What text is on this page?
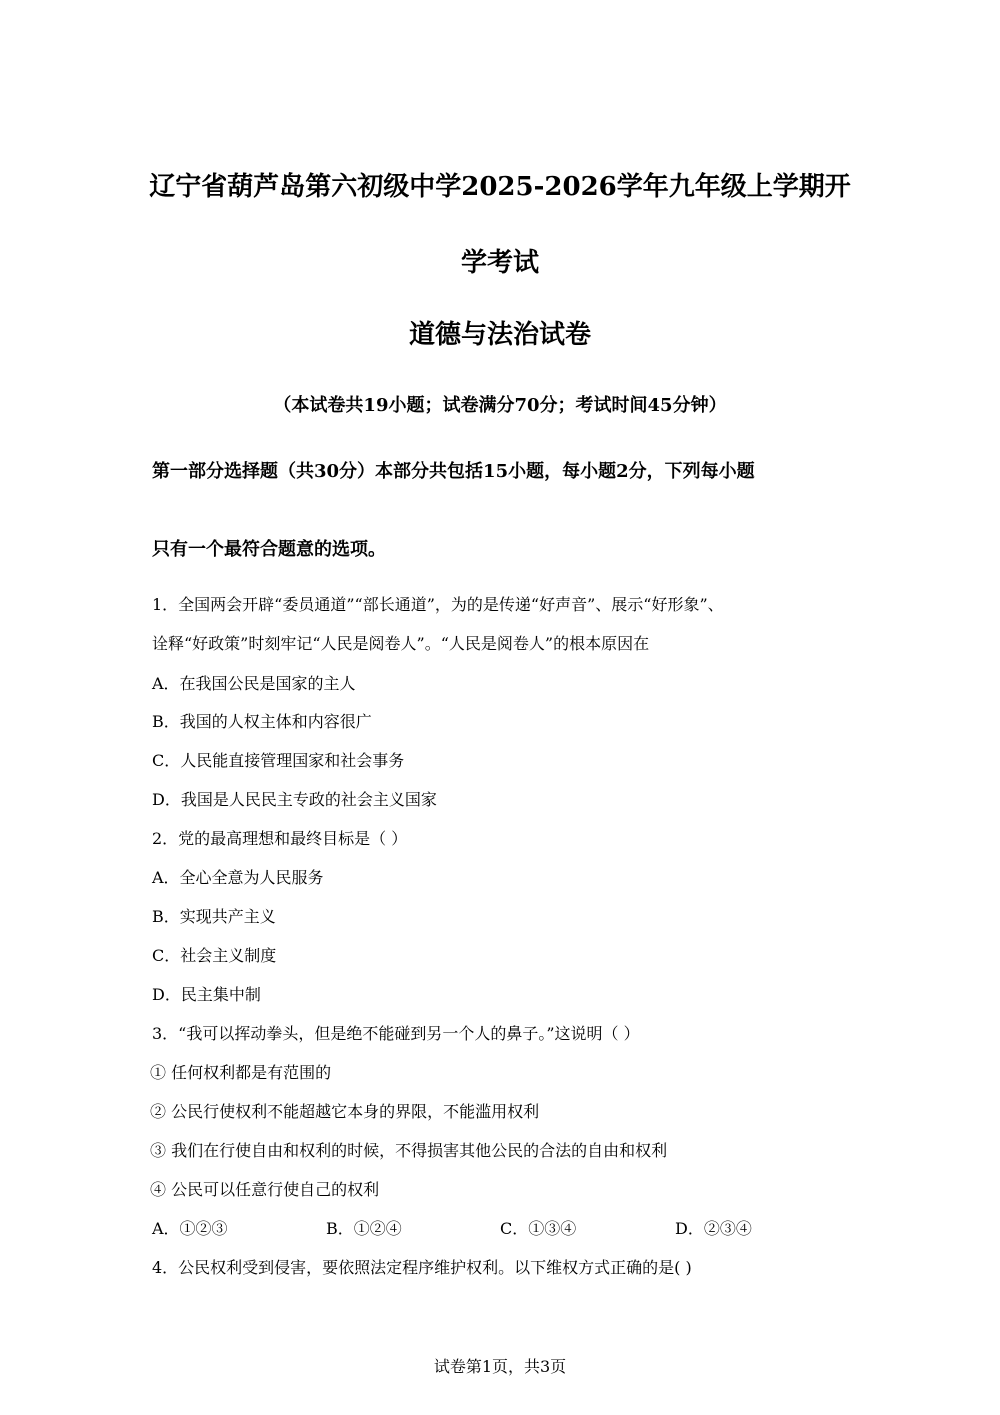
辽宁省葫芦岛第六初级中学2025-2026学年九年级上学期开
学考试
道德与法治试卷
（本试卷共19小题；试卷满分70分；考试时间45分钟）
第一部分选择题（共30分）本部分共包括15小题，每小题2分，下列每小题
只有一个最符合题意的选项。
1．全国两会开辟“委员通道”“部长通道”，为的是传递“好声音”、展示“好形象”、
诠释“好政策”时刻牢记“人民是阅卷人”。“人民是阅卷人”的根本原因在
A．在我国公民是国家的主人
B．我国的人权主体和内容很广
C．人民能直接管理国家和社会事务
D．我国是人民民主专政的社会主义国家
2．党的最高理想和最终目标是（ ）
A．全心全意为人民服务
B．实现共产主义
C．社会主义制度
D．民主集中制
3．“我可以挥动拳头，但是绝不能碰到另一个人的鼻子。”这说明（ ）
① 任何权利都是有范围的
② 公民行使权利不能超越它本身的界限，不能滥用权利
③ 我们在行使自由和权利的时候，不得损害其他公民的合法的自由和权利
④ 公民可以任意行使自己的权利
A．①②③	B．①②④	C．①③④	D．②③④
4．公民权利受到侵害，要依照法定程序维护权利。以下维权方式正确的是( )
试卷第1页，共3页
